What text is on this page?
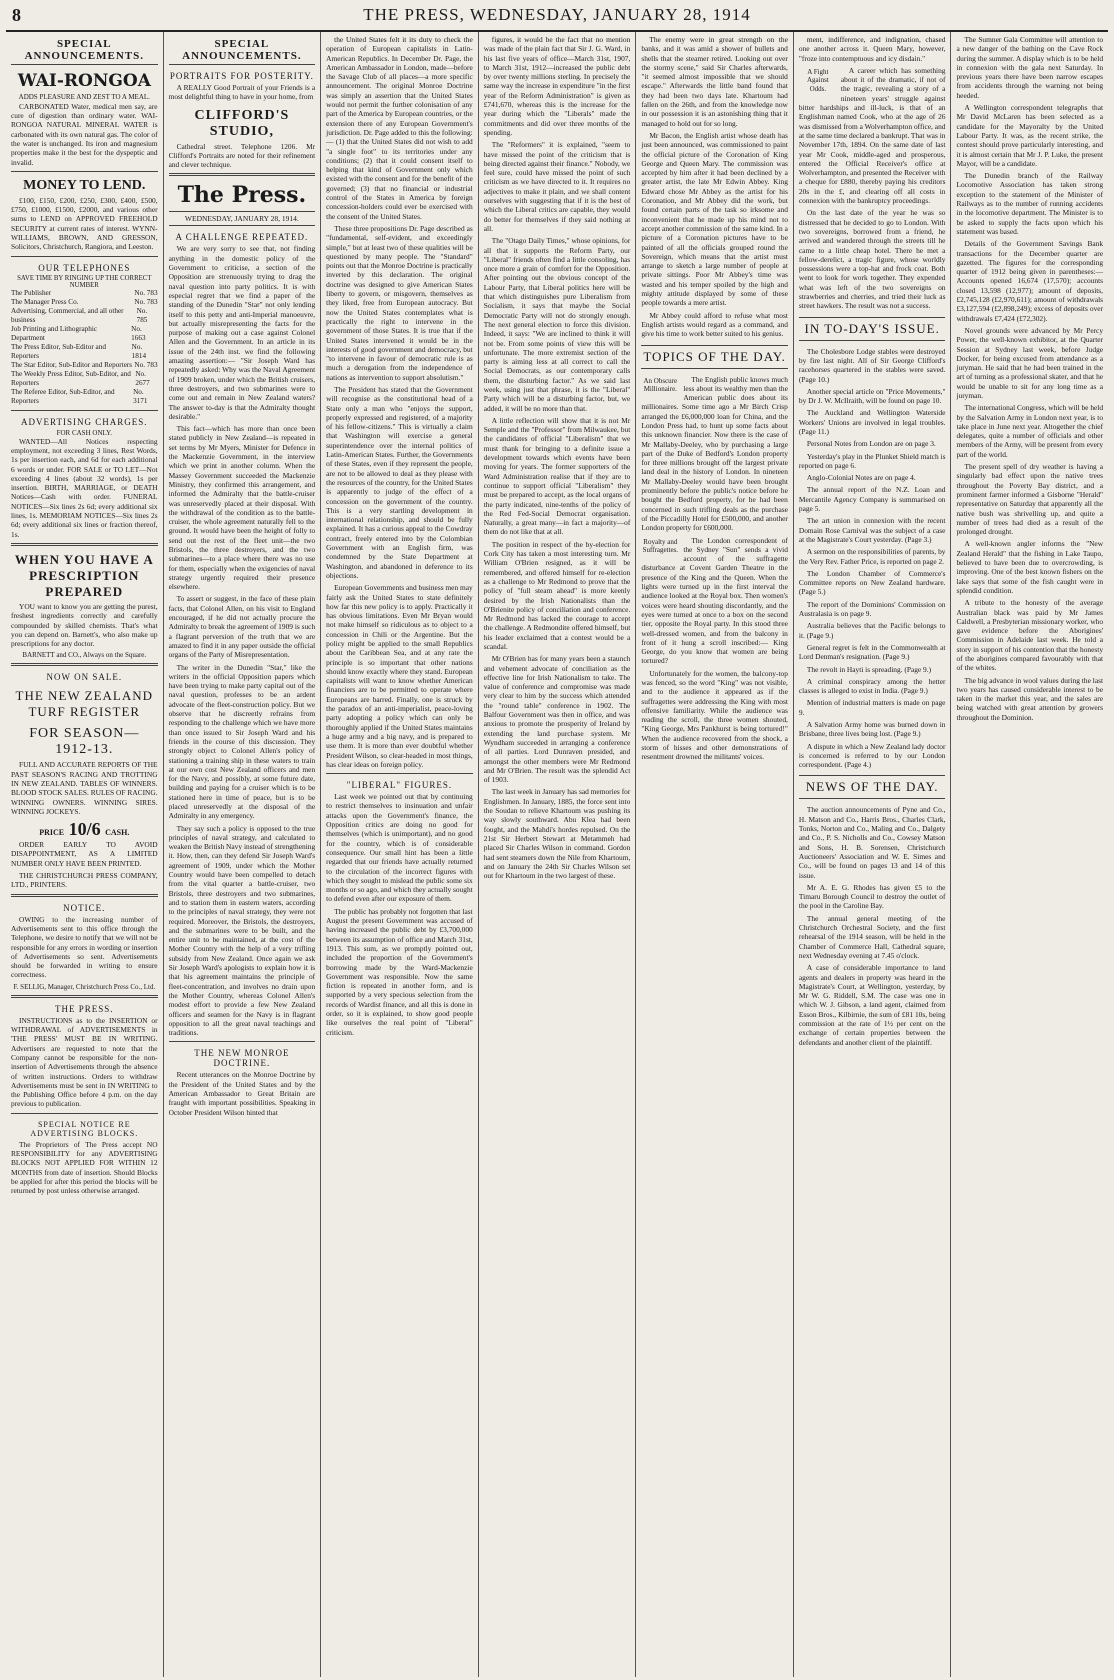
8	THE PRESS, WEDNESDAY, JANUARY 28, 1914
SPECIAL ANNOUNCEMENTS.
WAI-RONGOA
ADDS PLEASURE AND ZEST TO A MEAL.

CARBONATED Water, medical men say, are cure of digestion than ordinary water. WAI-RONGOA NATURAL MINERAL WATER is carbonated with its own natural gas. The color of the water is unchanged. Its iron and magnesium properties make it the best for the dyspeptic and invalid.

MONEY TO LEND.

£100, £150, £200, £250, £300, £400, £500, £750, £1000, £1500, £2000, and various other sums to LEND on APPROVED FREEHOLD SECURITY at current rates of interest. WYNN-WILLIAMS, BROWN, AND GRESSON, Solicitors, Christchurch, Rangiora, and Leeston.

OUR TELEPHONES
SAVE TIME BY RINGING UP THE CORRECT NUMBER
The Publisher	No. 783
The Manager Press Co.	No. 783
Advertising, Commercial, and all other business
No. 785
Job Printing and Lithographic Department
No. 1663
The Press Editor, Sub-Editor and Reporters
No. 1814
The Star Editor, Sub-Editor and Reporters No. 783
The Weekly Press Editor, Sub-Editor, and Reporters
No. 2677
The Referee Editor, Sub-Editor, and Reporters
No. 3171
ADVERTISING CHARGES.
FOR CASH ONLY.

WANTED—All Notices respecting employment, not exceeding 3 lines, Rest Words, 1s per insertion each, and 6d for each additional 6 words or under. FOR SALE or TO LET—Not exceeding 4 lines (about 32 words), 1s per insertion. BIRTH, MARRIAGE, or DEATH Notices—Cash with order. FUNERAL NOTICES—Six lines 2s 6d; every additional six lines, 1s. MEMORIAM NOTICES—Six lines 2s 6d; every additional six lines or fraction thereof, 1s.

WHEN YOU HAVE A PRESCRIPTION PREPARED

YOU want to know you are getting the purest, freshest ingredients correctly and carefully compounded by skilled chemists. That's what you can depend on. Barnett's, who also make up prescriptions for any doctor.

BARNETT and CO., Always on the Square.
NOW ON SALE.
THE NEW ZEALAND TURF REGISTER
FOR SEASON—1912-13.

FULL AND ACCURATE REPORTS OF THE PAST SEASON'S RACING AND TROTTING IN NEW ZEALAND. TABLES OF WINNERS. BLOOD STOCK SALES. RULES OF RACING. WINNING OWNERS. WINNING SIRES. WINNING JOCKEYS.

PRICE 10/6 CASH.

ORDER EARLY TO AVOID DISAPPOINTMENT, AS A LIMITED NUMBER ONLY HAVE BEEN PRINTED.

THE CHRISTCHURCH PRESS COMPANY, LTD., PRINTERS.

NOTICE.

OWING to the increasing number of Advertisements sent to this office through the Telephone, we desire to notify that we will not be responsible for any errors in wording or insertion of Advertisements so sent. Advertisements should be forwarded in writing to ensure correctness.

F. SELLIG, Manager, Christchurch Press Co., Ltd.
THE PRESS.

INSTRUCTIONS as to the INSERTION or WITHDRAWAL of ADVERTISEMENTS in 'THE PRESS' MUST BE IN WRITING. Advertisers are requested to note that the Company cannot be responsible for the non-insertion of Advertisements through the absence of written instructions. Orders to withdraw Advertisements must be sent in IN WRITING to the Publishing Office before 4 p.m. on the day previous to publication.

SPECIAL NOTICE RE ADVERTISING BLOCKS.

The Proprietors of The Press accept NO RESPONSIBILITY for any ADVERTISING BLOCKS NOT APPLIED FOR WITHIN 12 MONTHS from date of insertion. Should Blocks be applied for after this period the blocks will be returned by post unless otherwise arranged.

SPECIAL ANNOUNCEMENTS.
PORTRAITS FOR POSTERITY.

A REALLY Good Portrait of your Friends is a most delightful thing to have in your home, from

CLIFFORD'S STUDIO,

Cathedral street. Telephone 1206. Mr Clifford's Portraits are noted for their refinement and clever technique.

The Press.
WEDNESDAY, JANUARY 28, 1914.
A CHALLENGE REPEATED.

We are very sorry to see that, not finding anything in the domestic policy of the Government to criticise, a section of the Opposition are strenuously trying to drag the naval question into party politics. It is with especial regret that we find a paper of the standing of the Dunedin "Star" not only lending itself to this petty and anti-Imperial manoeuvre, but actually misrepresenting the facts for the purpose of making out a case against Colonel Allen and the Government. In an article in its issue of the 24th inst. we find the following amazing assertion:— "Sir Joseph Ward has repeatedly asked: Why was the Naval Agreement of 1909 broken, under which the British cruisers, three destroyers, and two submarines were to come out and remain in New Zealand waters? The answer to-day is that the Admiralty thought desirable."

This fact—which has more than once been stated publicly in New Zealand—is repeated in set terms by Mr Myers, Minister for Defence in the Mackenzie Government, in the interview which we print in another column. When the Massey Government succeeded the Mackenzie Ministry, they confirmed this arrangement, and informed the Admiralty that the battle-cruiser was unreservedly placed at their disposal. With the withdrawal of the condition as to the battle-cruiser, the whole agreement naturally fell to the ground. It would have been the height of folly to send out the rest of the fleet unit—the two Bristols, the three destroyers, and the two submarines—to a place where there was no use for them, especially when the exigencies of naval strategy urgently required their presence elsewhere.

To assert or suggest, in the face of these plain facts, that Colonel Allen, on his visit to England encouraged, if he did not actually procure the Admiralty to break the agreement of 1909 is such a flagrant perversion of the truth that we are amazed to find it in any paper outside the official organs of the Party of Misrepresentation.

The writer in the Dunedin "Star," like the writers in the official Opposition papers which have been trying to make party capital out of the naval question, professes to be an ardent advocate of the fleet-construction policy. But we observe that he discreetly refrains from responding to the challenge which we have more than once issued to Sir Joseph Ward and his friends in the course of this discussion. They strongly object to Colonel Allen's policy of stationing a training ship in these waters to train at our own cost New Zealand officers and men for the Navy, and possibly, at some future date, building and paying for a cruiser which is to be stationed here in time of peace, but is to be placed unreservedly at the disposal of the Admiralty in any emergency.

They say such a policy is opposed to the true principles of naval strategy, and calculated to weaken the British Navy instead of strengthening it. How, then, can they defend Sir Joseph Ward's agreement of 1909, under which the Mother Country would have been compelled to detach from the vital quarter a battle-cruiser, two Bristols, three destroyers and two submarines, and to station them in eastern waters, according to the principles of naval strategy, they were not required. Moreover, the Bristols, the destroyers, and the submarines were to be built, and the entire unit to be maintained, at the cost of the Mother Country with the help of a very trifling subsidy from New Zealand. Once again we ask Sir Joseph Ward's apologists to explain how it is that his agreement maintains the principle of fleet-concentration, and involves no drain upon the Mother Country, whereas Colonel Allen's modest effort to provide a few New Zealand officers and seamen for the Navy is in flagrant opposition to all the great naval teachings and traditions.

THE NEW MONROE DOCTRINE.

Recent utterances on the Monroe Doctrine by the President of the United States and by the American Ambassador to Great Britain are fraught with important possibilities. Speaking in October President Wilson hinted that

the United States felt it its duty to check the operation of European capitalists in Latin-American Republics. In December Dr. Page, the American Ambassador in London, made—before the Savage Club of all places—a more specific announcement. The original Monroe Doctrine was simply an assertion that the United States would not permit the further colonisation of any part of the America by European countries, or the extension there of any European Government's jurisdiction. Dr. Page added to this the following:— (1) that the United States did not wish to add "a single foot" to its territories under any conditions; (2) that it could consent itself to helping that kind of Government only which existed with the consent and for the benefit of the governed; (3) that no financial or industrial control of the States in America by foreign concession-holders could ever be exercised with the consent of the United States.

These three propositions Dr. Page described as "fundamental, self-evident, and exceedingly simple," but at least two of these qualities will be questioned by many people. The "Standard" points out that the Monroe Doctrine is practically inverted by this declaration. The original doctrine was designed to give American States liberty to govern, or misgovern, themselves as they liked, free from European autocracy. But now the United States contemplates what is practically the right to intervene in the government of those States. It is true that if the United States intervened it would be in the interests of good government and democracy, but "to intervene in favour of democratic rule is as much a derogation from the independence of nations as intervention to support absolutism."

The President has stated that the Government will recognise as the constitutional head of a State only a man who "enjoys the support, properly expressed and registered, of a majority of his fellow-citizens." This is virtually a claim that Washington will exercise a general superintendence over the internal politics of Latin-American States. Further, the Governments of these States, even if they represent the people, are not to be allowed to deal as they please with the resources of the country, for the United States is apparently to judge of the effect of a concession on the government of the country. This is a very startling development in international relationship, and should be fully explained. It has a curious appeal to the Cowdray contract, freely entered into by the Colombian Government with an English firm, was condemned by the State Department at Washington, and abandoned in deference to its objections.

European Governments and business men may fairly ask the United States to state definitely how far this new policy is to apply. Practically it has obvious limitations. Even Mr Bryan would not make himself so ridiculous as to object to a concession in Chili or the Argentine. But the policy might be applied to the small Republics about the Caribbean Sea, and at any rate the principle is so important that other nations should know exactly where they stand. European capitalists will want to know whether American financiers are to be permitted to operate where Europeans are barred. Finally, one is struck by the paradox of an anti-imperialist, peace-loving party adopting a policy which can only be thoroughly applied if the United States maintains a huge army and a big navy, and is prepared to use them. It is more than ever doubtful whether President Wilson, so clear-headed in most things, has clear ideas on foreign policy.

"LIBERAL" FIGURES.

Last week we pointed out that by continuing to restrict themselves to insinuation and unfair attacks upon the Government's finance, the Opposition critics are doing no good for themselves (which is unimportant), and no good for the country, which is of considerable consequence. Our small hint has been a little regarded that our friends have actually returned to the circulation of the incorrect figures with which they sought to mislead the public some six months or so ago, and which they actually sought to defend even after our exposure of them.

The public has probably not forgotten that last August the present Government was accused of having increased the public debt by £3,700,000 between its assumption of office and March 31st, 1913. This sum, as we promptly pointed out, included the proportion of the Government's borrowing made by the Ward-Mackenzie Government was responsible. Now the same fiction is repeated in another form, and is supported by a very specious selection from the records of Wardist finance, and all this is done in order, so it is explained, to show good people like ourselves the real point of "Liberal" criticism.

figures, it would be the fact that no mention was made of the plain fact that Sir J. G. Ward, in his last five years of office—March 31st, 1907, to March 31st, 1912—increased the public debt by over twenty millions sterling. In precisely the same way the increase in expenditure "in the first year of the Reform Administration" is given as £741,670, whereas this is the increase for the year during which the "Liberals" made the commitments and did over three months of the spending.

The "Reformers" it is explained, "seem to have missed the point of the criticism that is being directed against their finance." Nobody, we feel sure, could have missed the point of such criticism as we have directed to it. It requires no adjectives to make it plain, and we shall content ourselves with suggesting that if it is the best of which the Liberal critics are capable, they would do better for themselves if they said nothing at all.

The "Otago Daily Times," whose opinions, for all that it supports the Reform Party, our "Liberal" friends often find a little consoling, has once more a grain of comfort for the Opposition. After pointing out the obvious concept of the Labour Party, that Liberal politics here will be that which distinguishes pure Liberalism from Socialism, it says that maybe the Social Democratic Party will not do strongly enough. The next general election to force this division. Indeed, it says: "We are inclined to think it will not be. From some points of view this will be unfortunate. The more extremist section of the party is aiming less at all correct to call the Social Democrats, as our contemporary calls them, the disturbing factor." As we said last week, using just that phrase, it is the "Liberal" Party which will be a disturbing factor, but, we added, it will be no more than that.

A little reflection will show that it is not Mr Semple and the "Professor" from Milwaukee, but the candidates of official "Liberalism" that we must thank for bringing to a definite issue a development towards which events have been moving for years. The former supporters of the Ward Administration realise that if they are to continue to support official "Liberalism" they must be prepared to accept, as the local organs of the party indicated, nine-tenths of the policy of the Red Fed-Social Democrat organisation. Naturally, a great many—in fact a majority—of them do not like that at all.

The position in respect of the by-election for Cork City has taken a most interesting turn. Mr William O'Brien resigned, as it will be remembered, and offered himself for re-election as a challenge to Mr Redmond to prove that the policy of "full steam ahead" is more keenly desired by the Irish Nationalists than the O'Brienite policy of conciliation and conference. Mr Redmond has lacked the courage to accept the challenge. A Redmondite offered himself, but his leader exclaimed that a contest would be a scandal.

Mr O'Brien has for many years been a staunch and vehement advocate of conciliation as the effective line for Irish Nationalism to take. The value of conference and compromise was made very clear to him by the success which attended the "round table" conference in 1902. The Balfour Government was then in office, and was anxious to promote the prosperity of Ireland by extending the land purchase system. Mr Wyndham succeeded in arranging a conference of all parties. Lord Dunraven presided, and amongst the other members were Mr Redmond and Mr O'Brien. The result was the splendid Act of 1903.

The last week in January has sad memories for Englishmen. In January, 1885, the force sent into the Soudan to relieve Khartoum was pushing its way slowly southward. Abu Klea had been fought, and the Mahdi's hordes repulsed. On the 21st Sir Herbert Stewart at Metammeh had placed Sir Charles Wilson in command. Gordon had sent steamers down the Nile from Khartoum, and on January the 24th Sir Charles Wilson set out for Khartoum in the two largest of these.

The enemy were in great strength on the banks, and it was amid a shower of bullets and shells that the steamer retired. Looking out over the stormy scene," said Sir Charles afterwards, "it seemed almost impossible that we should escape." Afterwards the little band found that they had been two days late. Khartoum had fallen on the 26th, and from the knowledge now in our possession it is an astonishing thing that it managed to hold out for so long.

Mr Bacon, the English artist whose death has just been announced, was commissioned to paint the official picture of the Coronation of King George and Queen Mary. The commission was accepted by him after it had been declined by a greater artist, the late Mr Edwin Abbey. King Edward chose Mr Abbey as the artist for his Coronation, and Mr Abbey did the work, but found certain parts of the task so irksome and inconvenient that he made up his mind not to accept another commission of the same kind. In a picture of a Coronation pictures have to be painted of all the officials grouped round the Sovereign, which means that the artist must arrange to sketch a large number of people at private sittings. Poor Mr Abbey's time was wasted and his temper spoiled by the high and mighty attitude displayed by some of these people towards a mere artist.

Mr Abbey could afford to refuse what most English artists would regard as a command, and give his time to work better suited to his genius.

TOPICS OF THE DAY.
An Obscure Millionaire.

The English public knows much less about its wealthy men than the American public does about its millionaires. Some time ago a Mr Birch Crisp arranged the £6,000,000 loan for China, and the London Press had, to hunt up some facts about this unknown financier. Now there is the case of Mr Mallaby-Deeley, who by purchasing a large part of the Duke of Bedford's London property for three millions brought off the largest private land deal in the history of London. In nineteen Mr Mallaby-Deeley would have been brought prominently before the public's notice before he bought the Bedford property, for he had been concerned in such trifling deals as the purchase of the Piccadilly Hotel for £500,000, and another London property for £600,000.

Royalty and Suffragettes.

The London correspondent of the Sydney "Sun" sends a vivid account of the suffragette disturbance at Covent Garden Theatre in the presence of the King and the Queen. When the lights were turned up in the first interval the audience looked at the Royal box. Then women's voices were heard shouting discordantly, and the eyes were turned at once to a box on the second tier, opposite the Royal party. In this stood three well-dressed women, and from the balcony in front of it hung a scroll inscribed:— King George, do you know that women are being tortured?

Unfortunately for the women, the balcony-top was fenced, so the word "King" was not visible, and to the audience it appeared as if the suffragettes were addressing the King with most offensive familiarity. While the audience was reading the scroll, the three women shouted, "King George, Mrs Pankhurst is being tortured!" When the audience recovered from the shock, a storm of hisses and other demonstrations of resentment drowned the militants' voices.

ment, indifference, and indignation, chased one another across it. Queen Mary, however, "froze into contemptuous and icy disdain."

A Fight Against Odds.

A career which has something about it of the dramatic, if not of the tragic, revealing a story of a nineteen years' struggle against bitter hardships and ill-luck, is that of an Englishman named Cook, who at the age of 26 was dismissed from a Wolverhampton office, and at the same time declared a bankrupt. That was in November 17th, 1894. On the same date of last year Mr Cook, middle-aged and prosperous, entered the Official Receiver's office at Wolverhampton, and presented the Receiver with a cheque for £880, thereby paying his creditors 20s in the £, and clearing off all costs in connexion with the bankruptcy proceedings.

On the last date of the year he was so distressed that he decided to go to London. With two sovereigns, borrowed from a friend, he arrived and wandered through the streets till he came to a little cheap hotel. There he met a fellow-derelict, a tragic figure, whose worldly possessions were a top-hat and frock coat. Both went to look for work together. They expended what was left of the two sovereigns on strawberries and cherries, and tried their luck as street hawkers. The result was not a success.

IN TO-DAY'S ISSUE.

The Cholesbore Lodge stables were destroyed by fire last night. All of Sir George Clifford's racehorses quartered in the stables were saved. (Page 10.)

Another special article on "Price Movements," by Dr J. W. McIlraith, will be found on page 10.

The Auckland and Wellington Waterside Workers' Unions are involved in legal troubles. (Page 11.)

Personal Notes from London are on page 3.

Yesterday's play in the Plunket Shield match is reported on page 6.

Anglo-Colonial Notes are on page 4.

The annual report of the N.Z. Loan and Mercantile Agency Company is summarised on page 5.

The art union in connexion with the recent Domain Rose Carnival was the subject of a case at the Magistrate's Court yesterday. (Page 3.)

A sermon on the responsibilities of parents, by the Very Rev. Father Price, is reported on page 2.

The London Chamber of Commerce's Committee reports on New Zealand hardware. (Page 5.)

The report of the Dominions' Commission on Australasia is on page 9.

Australia believes that the Pacific belongs to it. (Page 9.)

General regret is felt in the Commonwealth at Lord Denman's resignation. (Page 9.)

The revolt in Hayti is spreading. (Page 9.)

A criminal conspiracy among the hetter classes is alleged to exist in India. (Page 9.)

Mention of industrial matters is made on page 9.

A Salvation Army home was burned down in Brisbane, three lives being lost. (Page 9.)

A dispute in which a New Zealand lady doctor is concerned is referred to by our London correspondent. (Page 4.)

NEWS OF THE DAY.

The auction announcements of Pyne and Co., H. Matson and Co., Harris Bros., Charles Clark, Tonks, Norton and Co., Maling and Co., Dalgety and Co., P. S. Nicholls and Co., Cowsey Matson and Sons, H. B. Sorensen, Christchurch Auctioneers' Association and W. E. Simes and Co., will be found on pages 13 and 14 of this issue.

Mr A. E. G. Rhodes has given £5 to the Timaru Borough Council to destroy the outlet of the pool in the Caroline Bay.

The annual general meeting of the Christchurch Orchestral Society, and the first rehearsal of the 1914 season, will be held in the Chamber of Commerce Hall, Cathedral square, next Wednesday evening at 7.45 o'clock.

A case of considerable importance to land agents and dealers in property was heard in the Magistrate's Court, at Wellington, yesterday, by Mr W. G. Riddell, S.M. The case was one in which W. J. Gibson, a land agent, claimed from Esson Bros., Kilbirnie, the sum of £81 10s, being commission at the rate of 1½ per cent on the exchange of certain properties between the defendants and another client of the plaintiff.

The Sumner Gala Committee will attention to a new danger of the bathing on the Cave Rock during the summer. A display which is to be held in connexion with the gala next Saturday. In previous years there have been narrow escapes from accidents through the warning not being heeded.

A Wellington correspondent telegraphs that Mr David McLaren has been selected as a candidate for the Mayoralty by the United Labour Party. It was, as the recent strike, the contest should prove particularly interesting, and it is almost certain that Mr J. P. Luke, the present Mayor, will be a candidate.

The Dunedin branch of the Railway Locomotive Association has taken strong exception to the statement of the Minister of Railways as to the number of running accidents in the locomotive department. The Minister is to be asked to supply the facts upon which his statement was based.

Details of the Government Savings Bank transactions for the December quarter are gazetted. The figures for the corresponding quarter of 1912 being given in parentheses:—Accounts opened 16,674 (17,570); accounts closed 13,598 (12,977); amount of deposits, £2,745,128 (£2,970,611); amount of withdrawals £3,127,594 (£2,898,249); excess of deposits over withdrawals £7,424 (£72,302).

Novel grounds were advanced by Mr Percy Power, the well-known exhibitor, at the Quarter Session at Sydney last week, before Judge Docker, for being excused from attendance as a juryman. He said that he had been trained in the art of turning as a professional skater, and that he would be unable to sit for any long time as a juryman.

The international Congress, which will be held by the Salvation Army in London next year, is to take place in June next year. Altogether the chief delegates, quite a number of officials and other members of the Army, will be present from every part of the world.

The present spell of dry weather is having a singularly bad effect upon the native trees throughout the Poverty Bay district, and a prominent farmer informed a Gisborne "Herald" representative on Saturday that apparently all the native bush was shrivelling up, and quite a number of trees had died as a result of the prolonged drought.

A well-known angler informs the "New Zealand Herald" that the fishing in Lake Taupo, believed to have been due to overcrowding, is improving. One of the best known fishers on the lake says that some of the fish caught were in splendid condition.

A tribute to the honesty of the average Australian black was paid by Mr James Caldwell, a Presbyterian missionary worker, who gave evidence before the Aborigines' Commission in Adelaide last week. He told a story in support of his contention that the honesty of the aborigines compared favourably with that of the whites.

The big advance in wool values during the last two years has caused considerable interest to be taken in the market this year, and the sales are being watched with great attention by growers throughout the Dominion.
